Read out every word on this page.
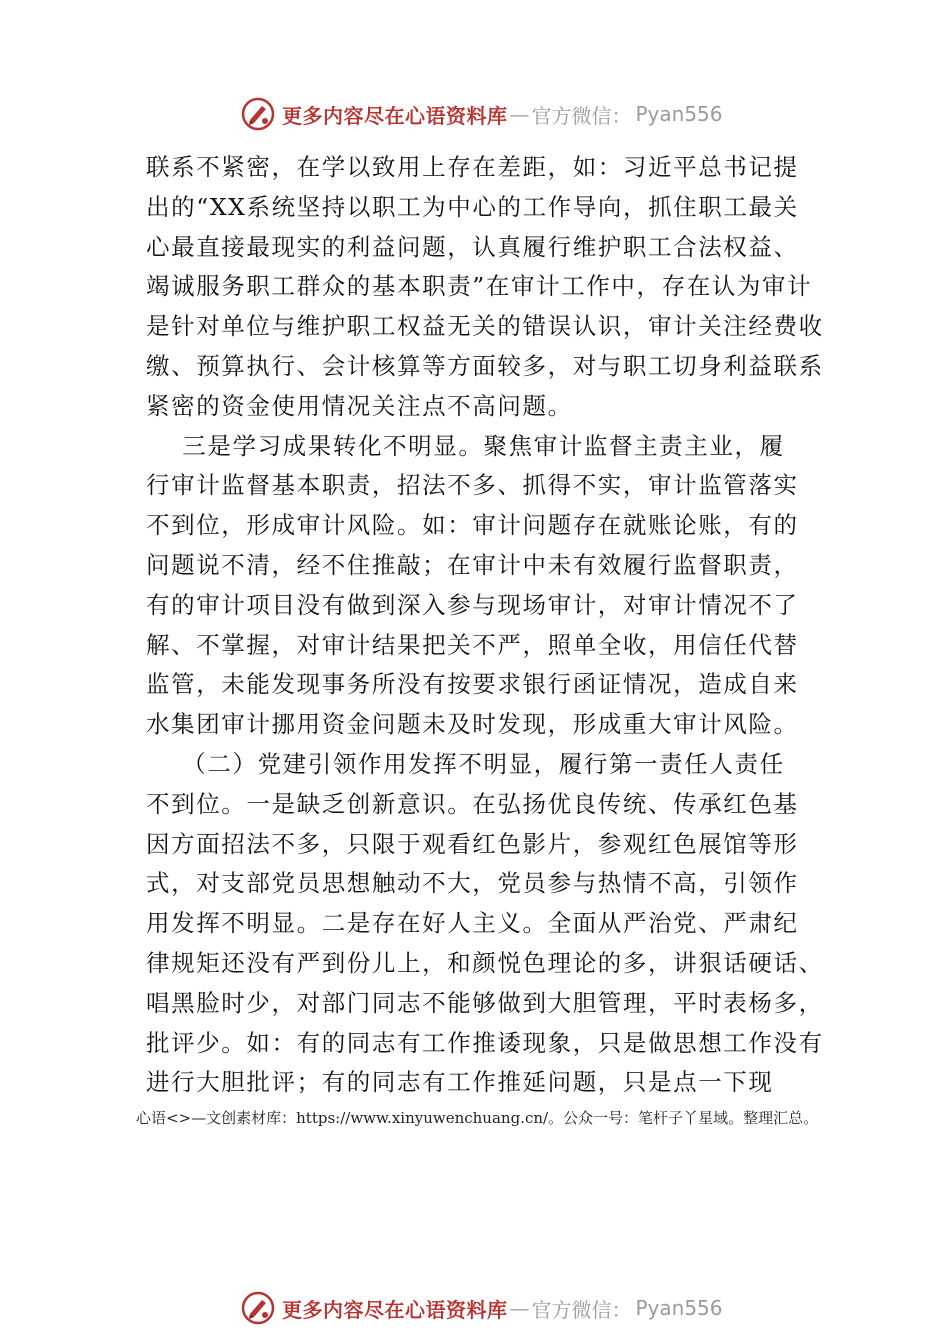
更多内容尽在心语资料库 — 官方微信： Pyan556
联系不紧密，在学以致用上存在差距，如：习近平总书记提
出的“XX系统坚持以职工为中心的工作导向，抓住职工最关
心最直接最现实的利益问题，认真履行维护职工合法权益、
竭诚服务职工群众的基本职责”在审计工作中，存在认为审计
是针对单位与维护职工权益无关的错误认识，审计关注经费收
缴、预算执行、会计核算等方面较多，对与职工切身利益联系
紧密的资金使用情况关注点不高问题。
三是学习成果转化不明显。聚焦审计监督主责主业，履
行审计监督基本职责，招法不多、抓得不实，审计监管落实
不到位，形成审计风险。如：审计问题存在就账论账，有的
问题说不清，经不住推敲；在审计中未有效履行监督职责，
有的审计项目没有做到深入参与现场审计，对审计情况不了
解、不掌握，对审计结果把关不严，照单全收，用信任代替
监管，未能发现事务所没有按要求银行函证情况，造成自来
水集团审计挪用资金问题未及时发现，形成重大审计风险。
（二）党建引领作用发挥不明显，履行第一责任人责任
不到位。一是缺乏创新意识。在弘扬优良传统、传承红色基
因方面招法不多，只限于观看红色影片，参观红色展馆等形
式，对支部党员思想触动不大，党员参与热情不高，引领作
用发挥不明显。二是存在好人主义。全面从严治党、严肃纪
律规矩还没有严到份儿上，和颜悦色理论的多，讲狠话硬话、
唱黑脸时少，对部门同志不能够做到大胆管理，平时表杨多，
批评少。如：有的同志有工作推诿现象，只是做思想工作没有
进行大胆批评；有的同志有工作推延问题，只是点一下现
心语<>—文创素材库：https://www.xinyuwenchuang.cn/。公众一号：笔杆子丫星域。整理汇总。
更多内容尽在心语资料库 — 官方微信： Pyan556
